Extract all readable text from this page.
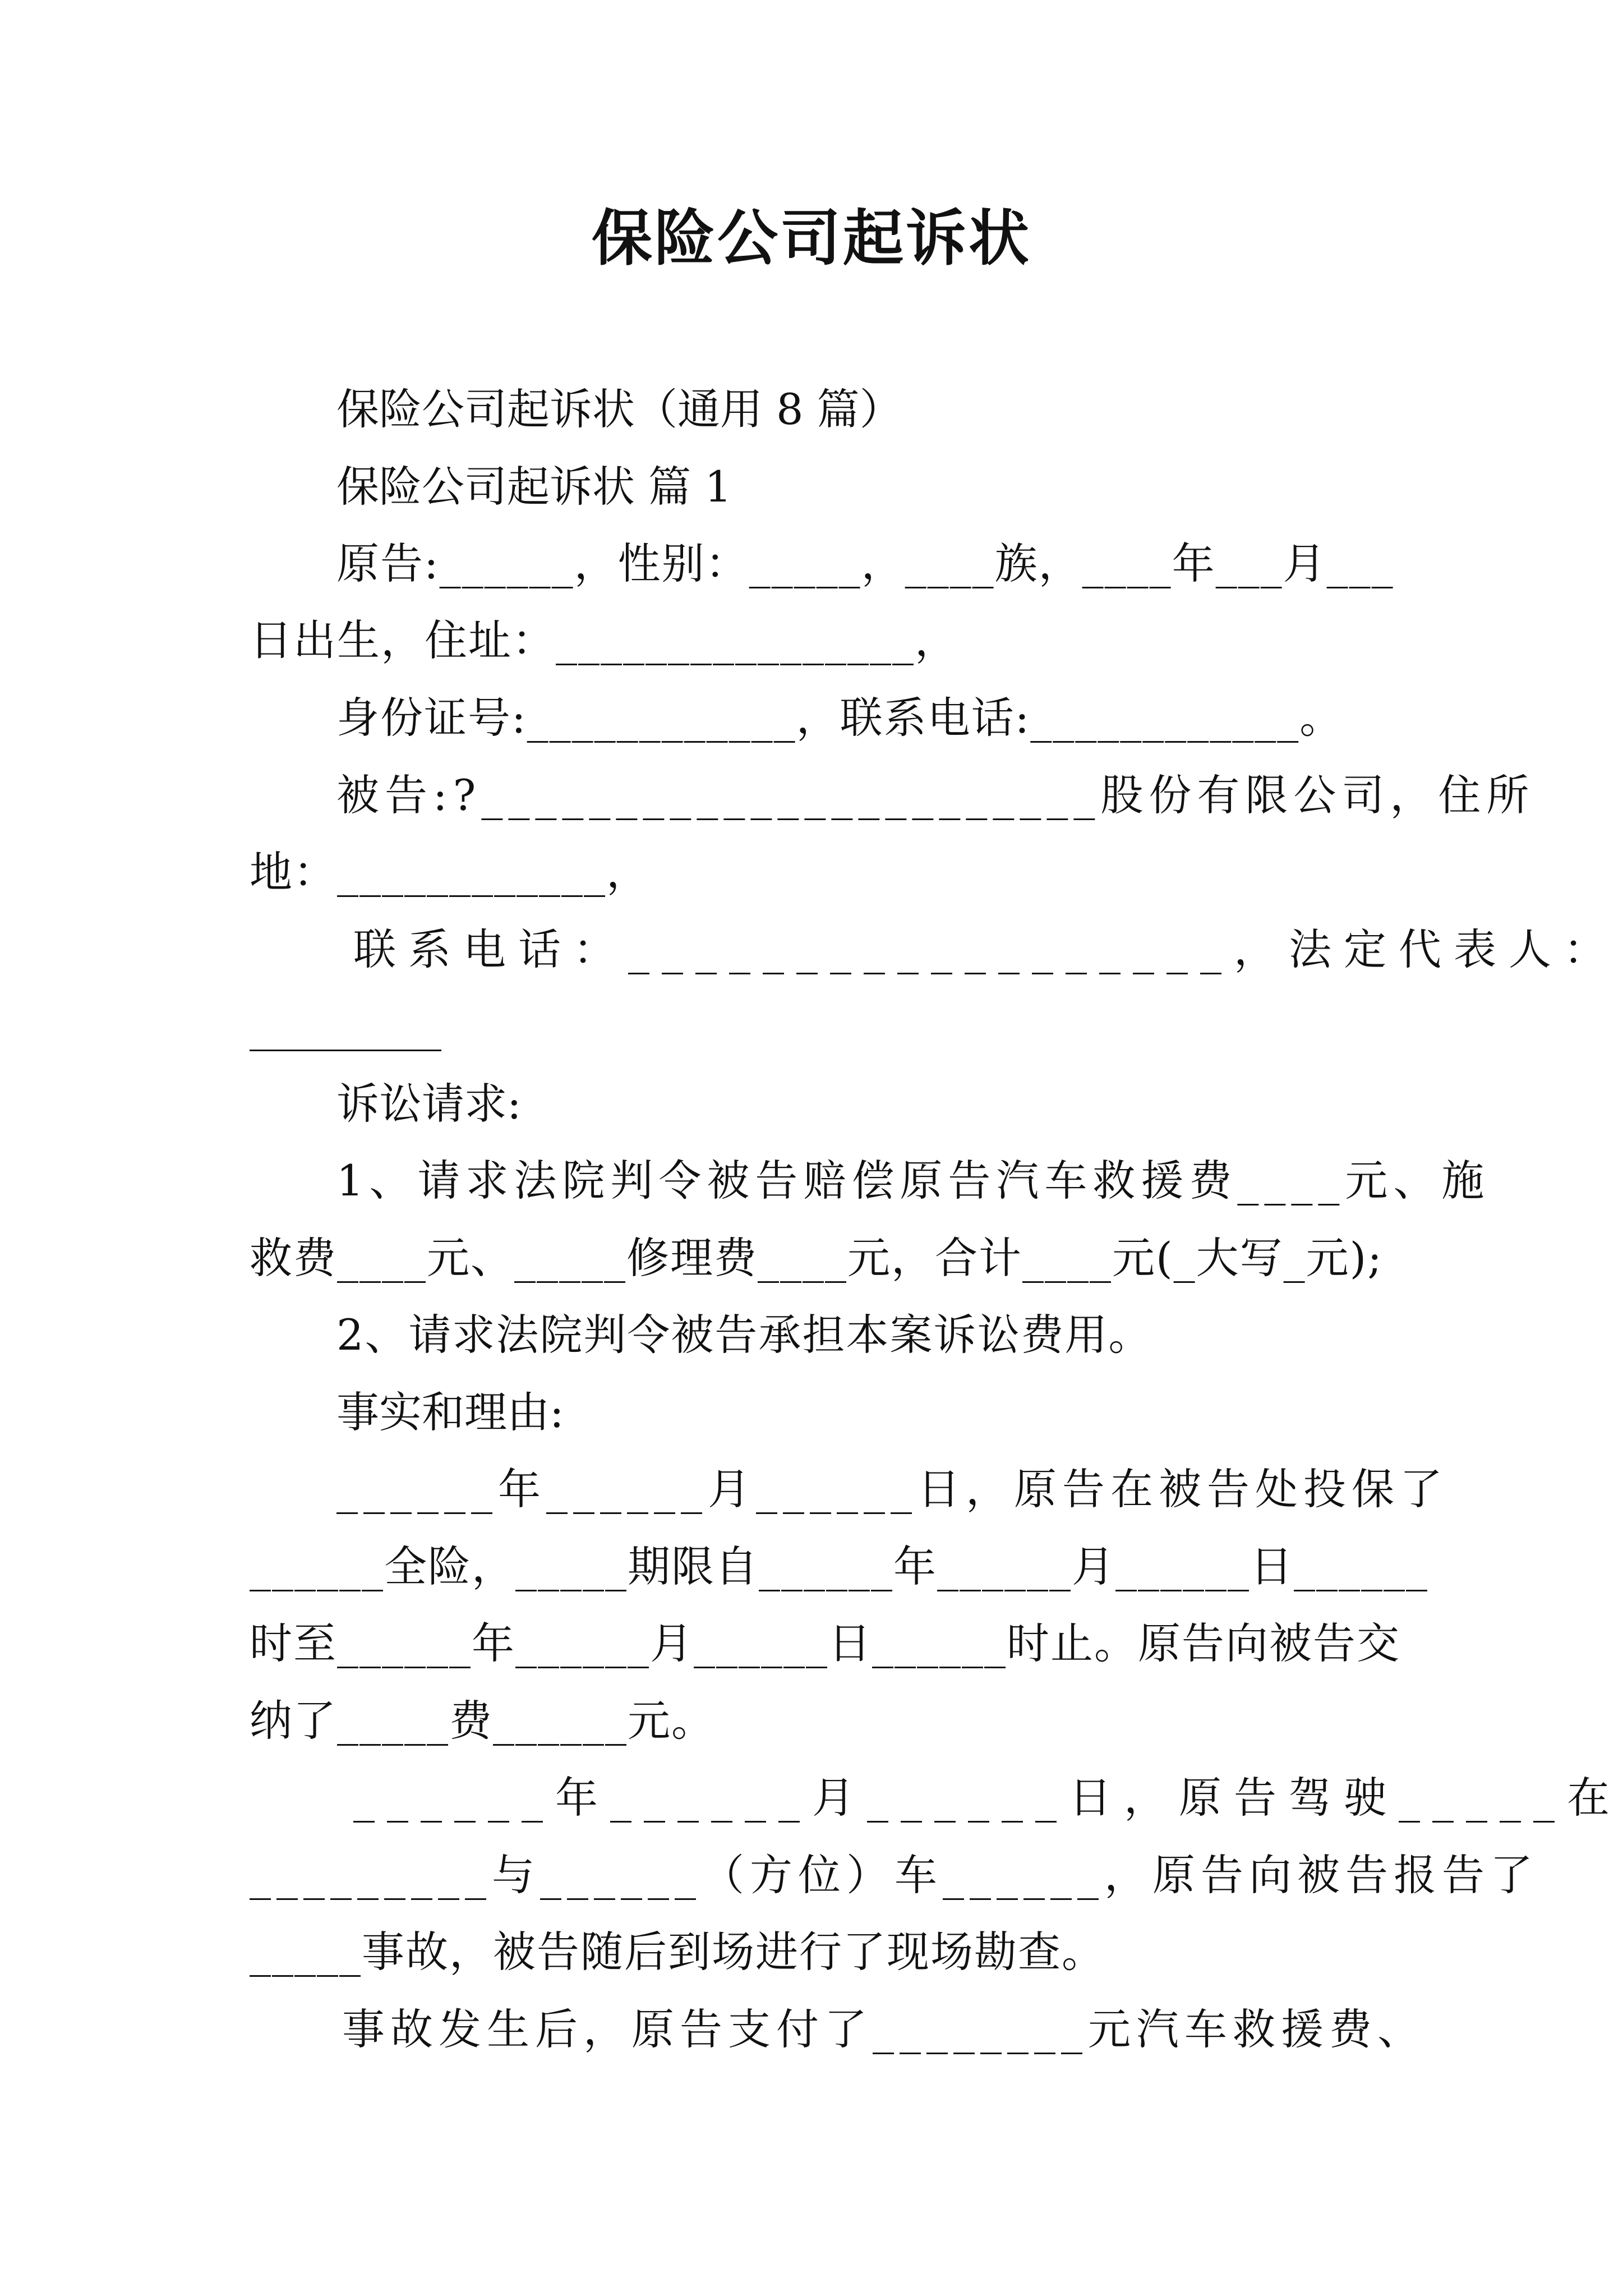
保险公司起诉状
保险公司起诉状（通用 8 篇）
保险公司起诉状 篇 1
原告:______，性别：_____，____族，____年___月___
日出生，住址：________________，
身份证号:____________，联系电话:____________。
被告:?_______________________股份有限公司，住所
地：____________，
联系电话：__________________，法定代表人：
_________
诉讼请求:
1、请求法院判令被告赔偿原告汽车救援费____元、施
救费____元、_____修理费____元，合计____元(_大写_元);
2、请求法院判令被告承担本案诉讼费用。
事实和理由:
______年______月______日，原告在被告处投保了
______全险，_____期限自______年______月______日______
时至______年______月______日______时止。原告向被告交
纳了_____费______元。
______年______月______日，原告驾驶_____在
_________与______（方位）车______，原告向被告报告了
_____事故，被告随后到场进行了现场勘查。
事故发生后，原告支付了________元汽车救援费、
